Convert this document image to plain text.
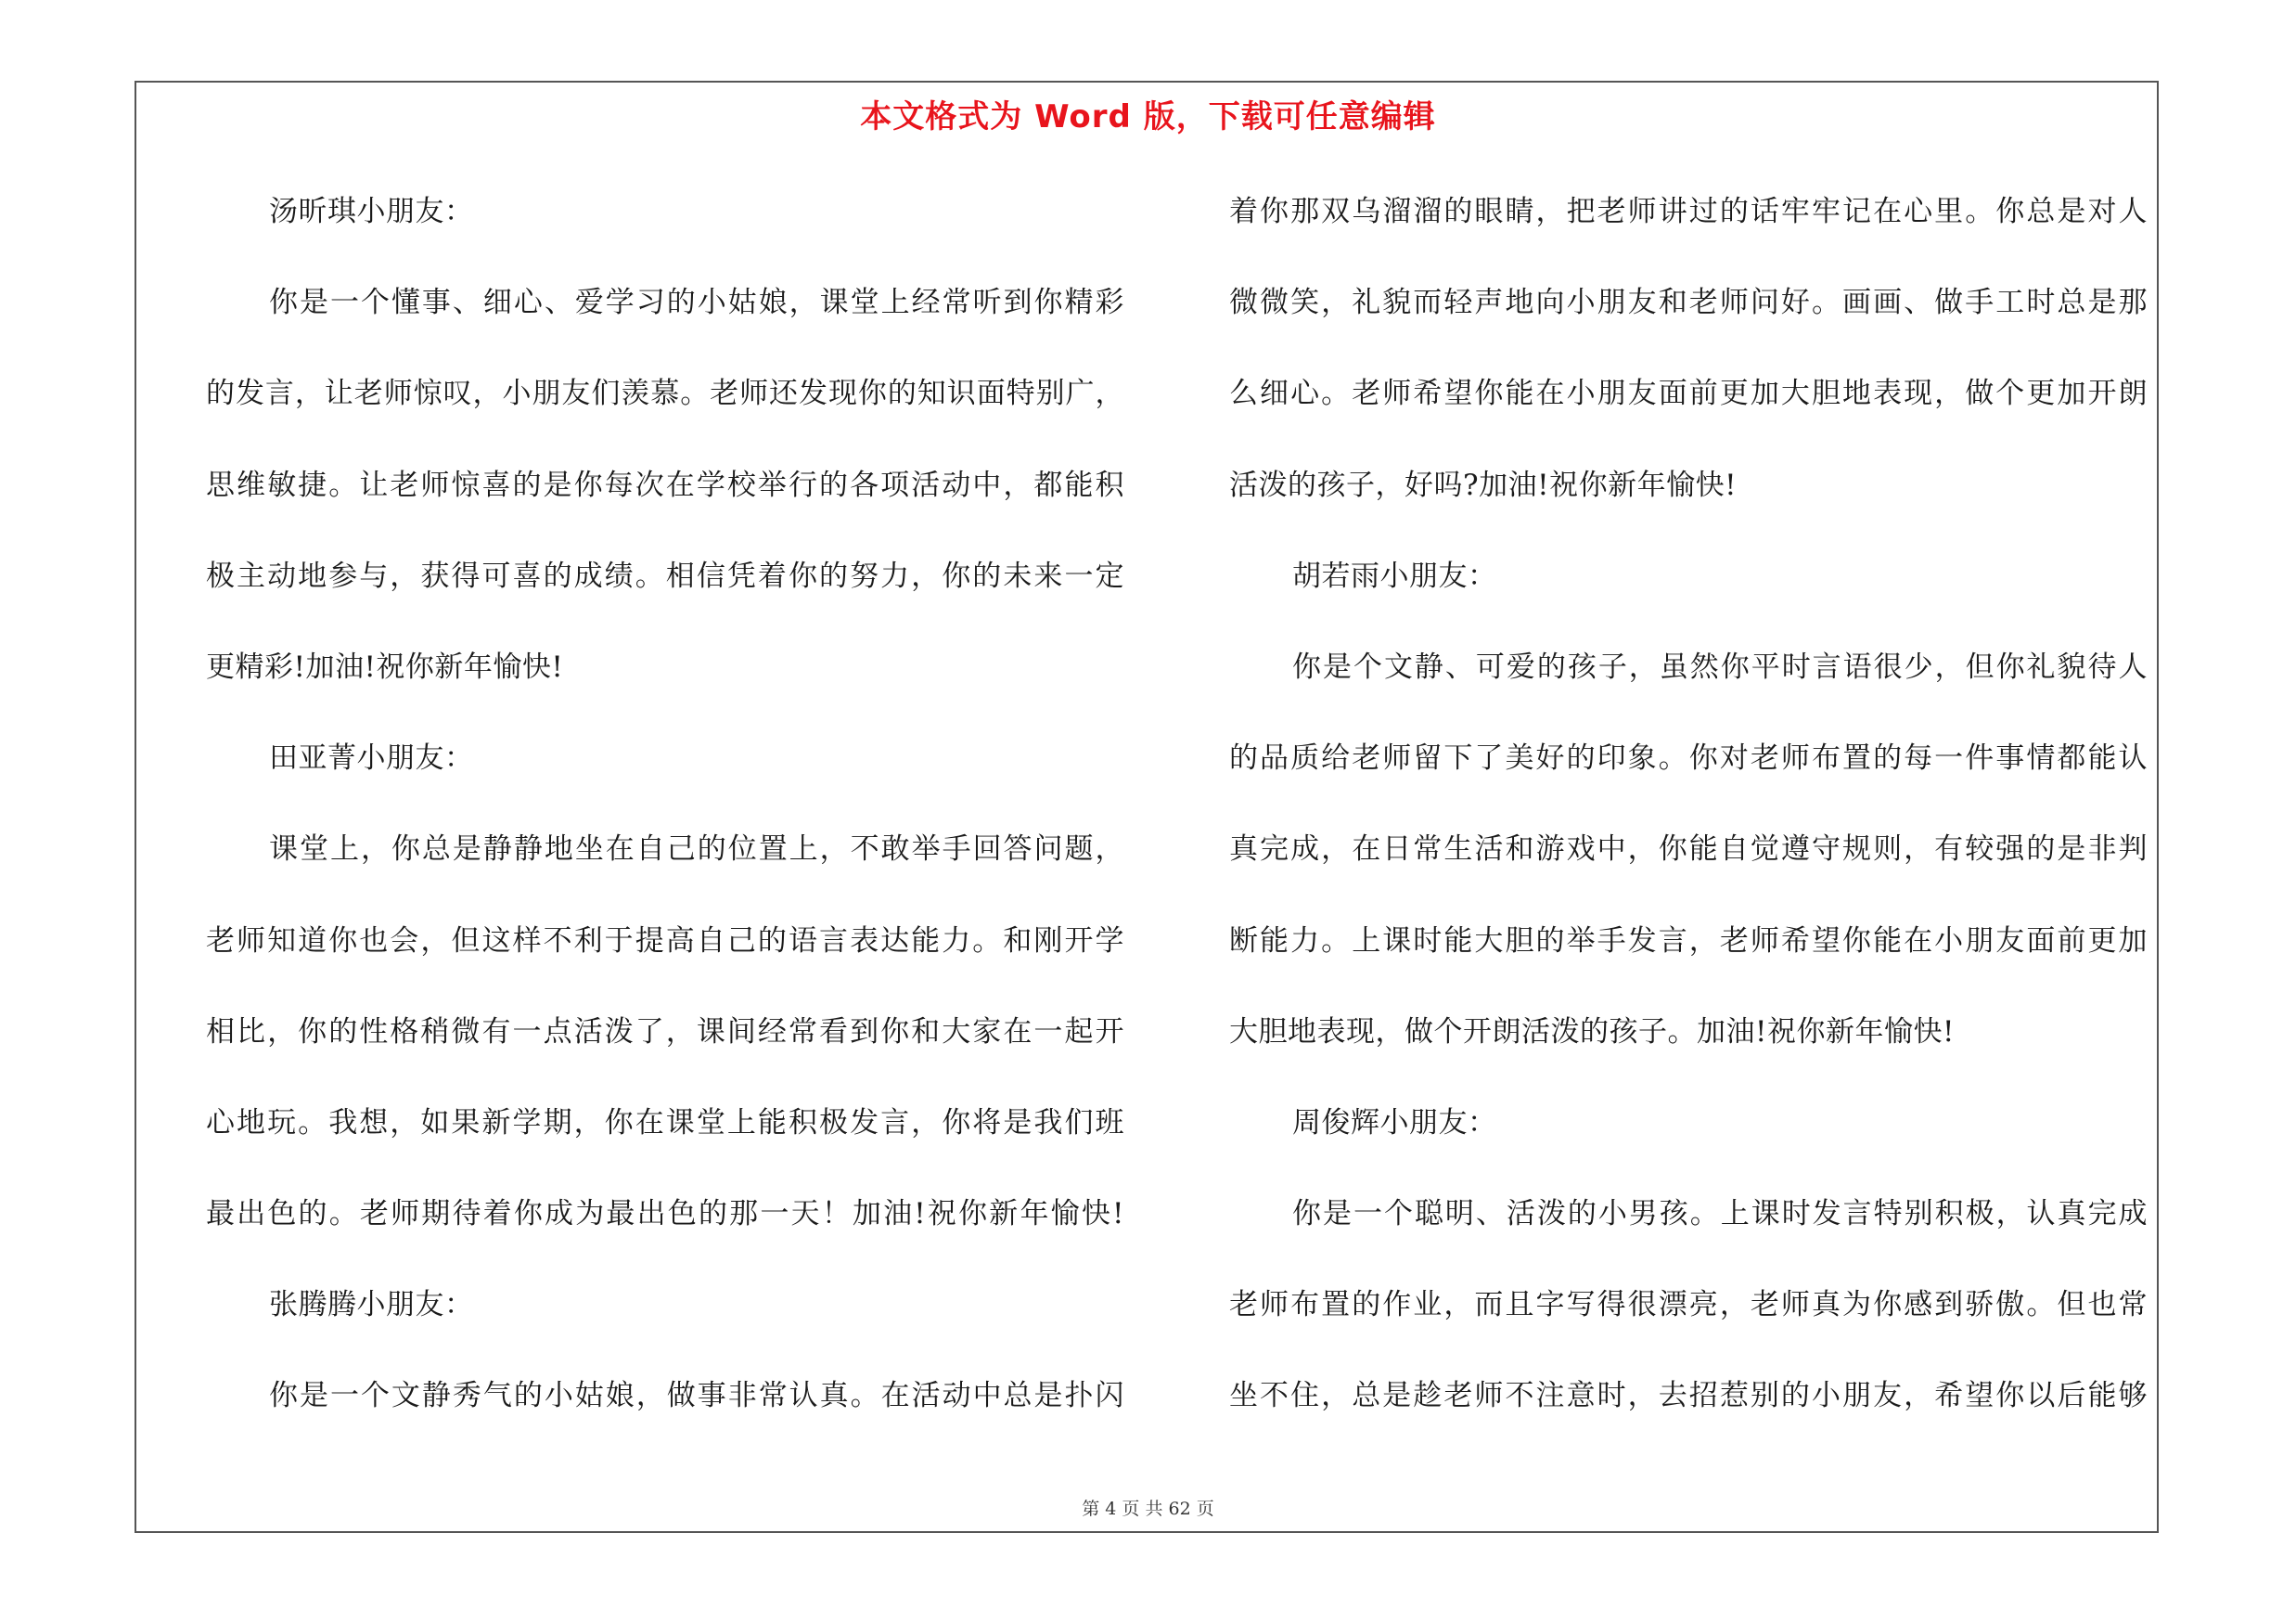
本文格式为 Word 版，下载可任意编辑
汤昕琪小朋友：
你是一个懂事、细心、爱学习的小姑娘，课堂上经常听到你精彩
的发言，让老师惊叹，小朋友们羡慕。老师还发现你的知识面特别广，
思维敏捷。让老师惊喜的是你每次在学校举行的各项活动中，都能积
极主动地参与，获得可喜的成绩。相信凭着你的努力，你的未来一定
更精彩!加油!祝你新年愉快!
田亚菁小朋友：
课堂上，你总是静静地坐在自己的位置上，不敢举手回答问题，
老师知道你也会，但这样不利于提高自己的语言表达能力。和刚开学
相比，你的性格稍微有一点活泼了，课间经常看到你和大家在一起开
心地玩。我想，如果新学期，你在课堂上能积极发言，你将是我们班
最出色的。老师期待着你成为最出色的那一天！加油!祝你新年愉快!
张腾腾小朋友：
你是一个文静秀气的小姑娘，做事非常认真。在活动中总是扑闪
着你那双乌溜溜的眼睛，把老师讲过的话牢牢记在心里。你总是对人
微微笑，礼貌而轻声地向小朋友和老师问好。画画、做手工时总是那
么细心。老师希望你能在小朋友面前更加大胆地表现，做个更加开朗
活泼的孩子，好吗?加油!祝你新年愉快!
胡若雨小朋友：
你是个文静、可爱的孩子，虽然你平时言语很少，但你礼貌待人
的品质给老师留下了美好的印象。你对老师布置的每一件事情都能认
真完成，在日常生活和游戏中，你能自觉遵守规则，有较强的是非判
断能力。上课时能大胆的举手发言，老师希望你能在小朋友面前更加
大胆地表现，做个开朗活泼的孩子。加油!祝你新年愉快!
周俊辉小朋友：
你是一个聪明、活泼的小男孩。上课时发言特别积极，认真完成
老师布置的作业，而且字写得很漂亮，老师真为你感到骄傲。但也常
坐不住，总是趁老师不注意时，去招惹别的小朋友，希望你以后能够
第 4 页 共 62 页
